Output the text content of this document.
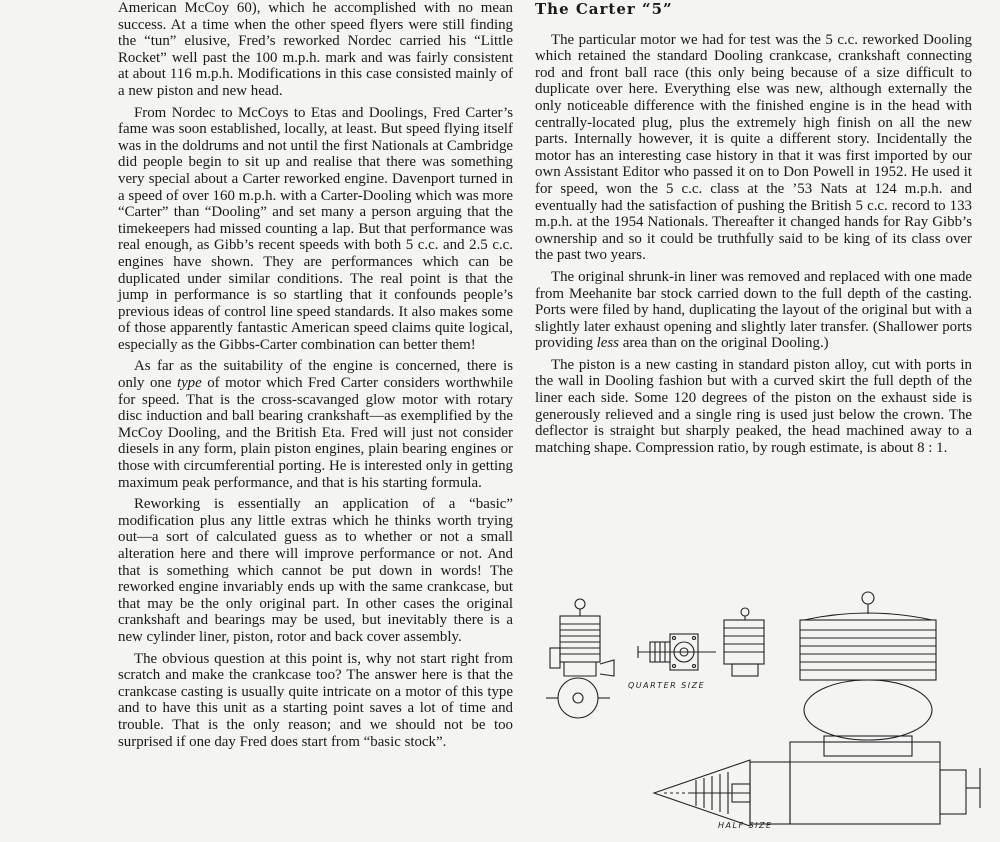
American McCoy 60), which he accomplished with no mean success. At a time when the other speed flyers were still finding the “tun” elusive, Fred’s reworked Nordec carried his “Little Rocket” well past the 100 m.p.h. mark and was fairly consistent at about 116 m.p.h. Modifications in this case consisted mainly of a new piston and new head.

From Nordec to McCoys to Etas and Doolings, Fred Carter’s fame was soon established, locally, at least. But speed flying itself was in the doldrums and not until the first Nationals at Cambridge did people begin to sit up and realise that there was something very special about a Carter reworked engine. Davenport turned in a speed of over 160 m.p.h. with a Carter-Dooling which was more “Carter” than “Dooling” and set many a person arguing that the timekeepers had missed counting a lap. But that performance was real enough, as Gibb’s recent speeds with both 5 c.c. and 2.5 c.c. engines have shown. They are performances which can be duplicated under similar conditions. The real point is that the jump in performance is so startling that it confounds people’s previous ideas of control line speed standards. It also makes some of those apparently fantastic American speed claims quite logical, especially as the Gibbs-Carter combination can better them!

As far as the suitability of the engine is concerned, there is only one type of motor which Fred Carter considers worthwhile for speed. That is the cross-scavanged glow motor with rotary disc induction and ball bearing crankshaft—as exemplified by the McCoy Dooling, and the British Eta. Fred will just not consider diesels in any form, plain piston engines, plain bearing engines or those with circumferential porting. He is interested only in getting maximum peak performance, and that is his starting formula.

Reworking is essentially an application of a “basic” modification plus any little extras which he thinks worth trying out—a sort of calculated guess as to whether or not a small alteration here and there will improve performance or not. And that is something which cannot be put down in words! The reworked engine invariably ends up with the same crankcase, but that may be the only original part. In other cases the original crankshaft and bearings may be used, but inevitably there is a new cylinder liner, piston, rotor and back cover assembly.

The obvious question at this point is, why not start right from scratch and make the crankcase too? The answer here is that the crankcase casting is usually quite intricate on a motor of this type and to have this unit as a starting point saves a lot of time and trouble. That is the only reason; and we should not be too surprised if one day Fred does start from “basic stock”.

The Carter “5”

The particular motor we had for test was the 5 c.c. reworked Dooling which retained the standard Dooling crankcase, crankshaft connecting rod and front ball race (this only being because of a size difficult to duplicate over here. Everything else was new, although externally the only noticeable difference with the finished engine is in the head with centrally-located plug, plus the extremely high finish on all the new parts. Internally however, it is quite a different story. Incidentally the motor has an interesting case history in that it was first imported by our own Assistant Editor who passed it on to Don Powell in 1952. He used it for speed, won the 5 c.c. class at the ’53 Nats at 124 m.p.h. and eventually had the satisfaction of pushing the British 5 c.c. record to 133 m.p.h. at the 1954 Nationals. Thereafter it changed hands for Ray Gibb’s ownership and so it could be truthfully said to be king of its class over the past two years.

The original shrunk-in liner was removed and replaced with one made from Meehanite bar stock carried down to the full depth of the casting. Ports were filed by hand, duplicating the layout of the original but with a slightly later exhaust opening and slightly later transfer. (Shallower ports providing less area than on the original Dooling.)

The piston is a new casting in standard piston alloy, cut with ports in the wall in Dooling fashion but with a curved skirt the full depth of the liner each side. Some 120 degrees of the piston on the exhaust side is generously relieved and a single ring is used just below the crown. The deflector is straight but sharply peaked, the head machined away to a matching shape. Compression ratio, by rough estimate, is about 8 : 1.

QUARTER SIZE
HALF SIZE
